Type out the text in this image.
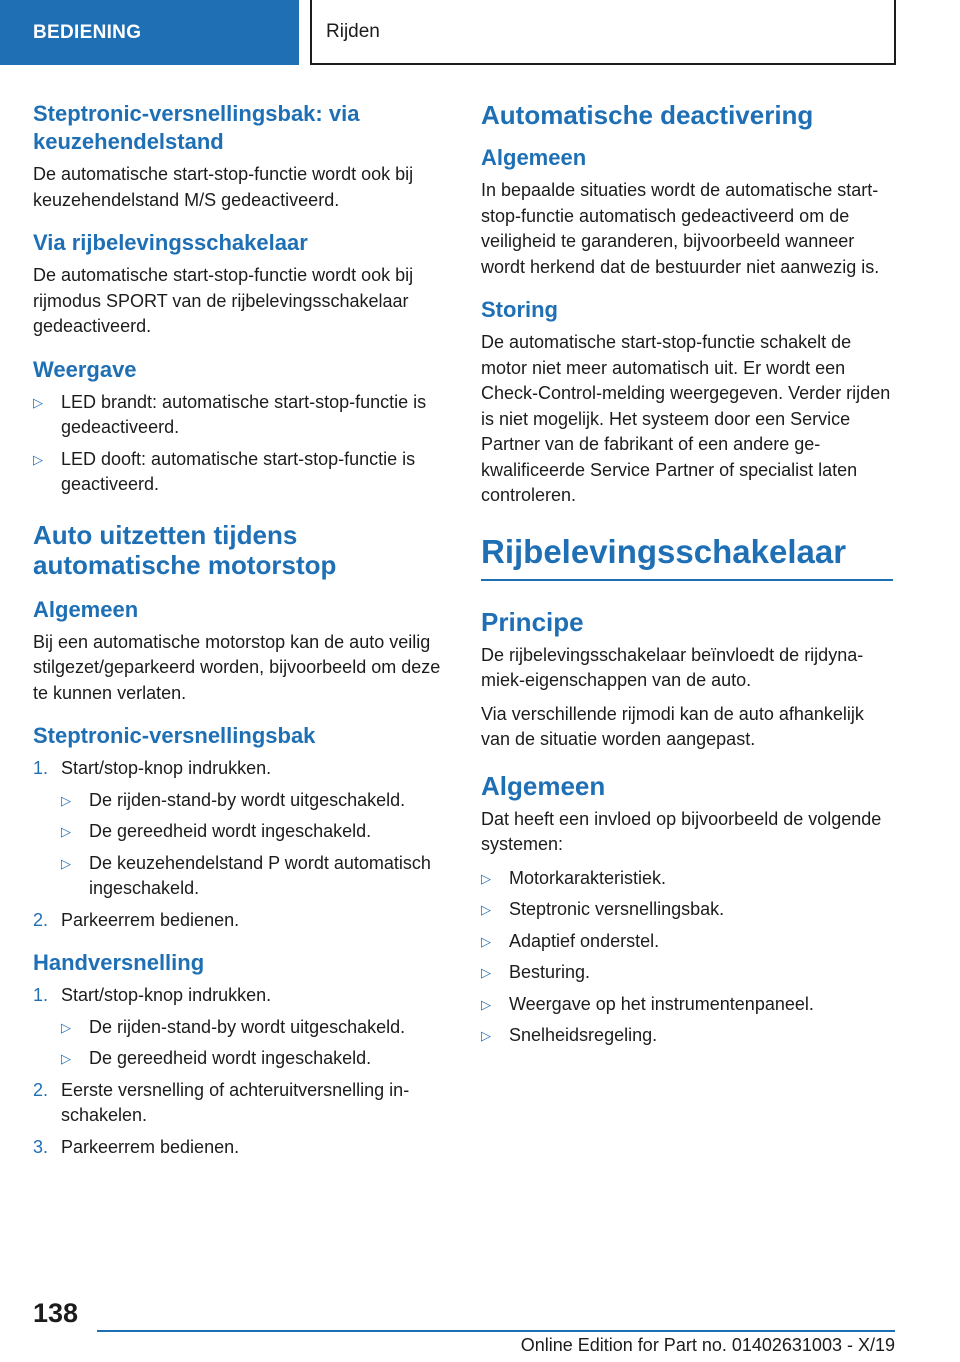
BEDIENING	Rijden
Steptronic-versnellingsbak: via keuzehendelstand

De automatische start-stop-functie wordt ook bij keuzehendelstand M/S gedeactiveerd.

Via rijbelevingsschakelaar

De automatische start-stop-functie wordt ook bij rijmodus SPORT van de rijbelevingsschakelaar gedeactiveerd.

Weergave
▷ LED brandt: automatische start-stop-functie is gedeactiveerd.
▷ LED dooft: automatische start-stop-functie is geactiveerd.
Auto uitzetten tijdens automatische motorstop
Algemeen

Bij een automatische motorstop kan de auto veilig stilgezet/geparkeerd worden, bijvoorbeeld om deze te kunnen verlaten.

Steptronic-versnellingsbak
1. Start/stop-knop indrukken.
▷ De rijden-stand-by wordt uitgeschakeld.
▷ De gereedheid wordt ingeschakeld.
▷ De keuzehendelstand P wordt automatisch ingeschakeld.
2. Parkeerrem bedienen.
Handversnelling
1. Start/stop-knop indrukken.
▷ De rijden-stand-by wordt uitgeschakeld.
▷ De gereedheid wordt ingeschakeld.
2. Eerste versnelling of achteruitversnelling inschakelen.
3. Parkeerrem bedienen.
Automatische deactivering
Algemeen

In bepaalde situaties wordt de automatische start-stop-functie automatisch gedeactiveerd om de veiligheid te garanderen, bijvoorbeeld wanneer wordt herkend dat de bestuurder niet aanwezig is.

Storing

De automatische start-stop-functie schakelt de motor niet meer automatisch uit. Er wordt een Check-Control-melding weergegeven. Verder rijden is niet mogelijk. Het systeem door een Service Partner van de fabrikant of een andere gekwalificeerde Service Partner of specialist laten controleren.

Rijbelevingsschakelaar
Principe

De rijbelevingsschakelaar beïnvloedt de rijdynamiek-eigenschappen van de auto.

Via verschillende rijmodi kan de auto afhankelijk van de situatie worden aangepast.

Algemeen

Dat heeft een invloed op bijvoorbeeld de volgende systemen:

▷ Motorkarakteristiek.
▷ Steptronic versnellingsbak.
▷ Adaptief onderstel.
▷ Besturing.
▷ Weergave op het instrumentenpaneel.
▷ Snelheidsregeling.
138
Online Edition for Part no. 01402631003 - X/19
